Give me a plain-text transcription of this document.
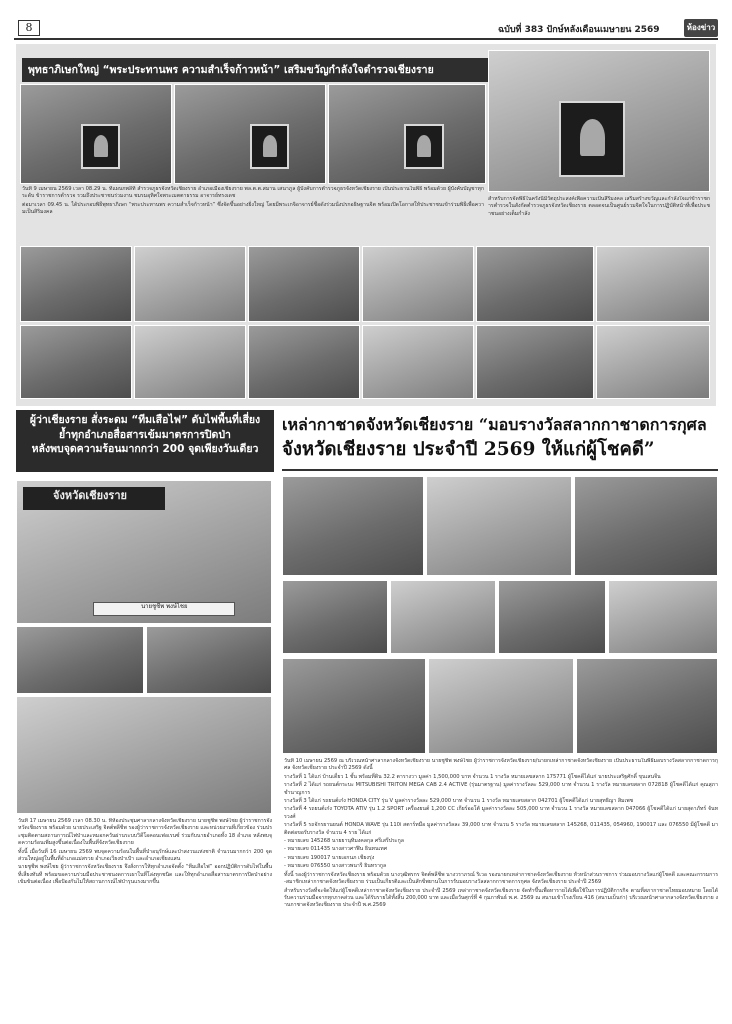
8	ฉบับที่ 383 ปักษ์หลังเดือนเมษายน 2569	ห้องข่าว
พุทธาภิเษกใหญ่ “พระประทานพร ความสำเร็จก้าวหน้า” เสริมขวัญกำลังใจตำรวจเชียงราย

วันที่ 9 เมษายน 2569 เวลา 08.29 น. ที่แผนกพลีที่ สำรวจภูธรจังหวัดเชียงราย อำเภอเมืองเชียงราย พล.ต.ต.สมาน เสนาภูล ผู้บังคับการตำรวจภูธรจังหวัดเชียงราย เป็นประธานในพิธี พร้อมด้วย ผู้บังคับบัญชาทุกระดับ ข้าราชการตำรวจ รวมถึงประชาชนร่วมงาน ชมรมอุทิศใจพระเมตตาธรรม อาจารย์ทรงเดช

ต่อมาเวลา 09.45 น. ได้ประกอบพิธีพุทธาภิเษก “พระประทานพร ความสำเร็จก้าวหน้า” ซึ่งจัดขึ้นอย่างยิ่งใหญ่ โดยมีพระเกจิอาจารย์ชื่อดังร่วมนั่งปรกอธิษฐานจิต พร้อมเปิดโอกาสให้ประชาชนเข้าร่วมพิธีเพื่อความเป็นสิริมงคล

สำหรับการจัดพิธีในครั้งนี้มีวัตถุประสงค์เพื่อความเป็นสิริมงคล เสริมสร้างขวัญและกำลังใจแก่ข้าราชการตำรวจในสังกัดตำรวจภูธรจังหวัดเชียงราย ตลอดจนเป็นศูนย์รวมจิตใจในการปฏิบัติหน้าที่เพื่อประชาชนอย่างเต็มกำลัง

ผู้ว่าเชียงราย สั่งระดม “ทีมเสือไฟ” ดับไฟพื้นที่เสี่ยง
ย้ำทุกอำเภอสื่อสารเข้มมาตรการปิดป่า
หลังพบจุดความร้อนมากกว่า 200 จุดเพียงวันเดียว
จังหวัดเชียงราย
นายชูชีพ พงษ์ไชย

วันที่ 17 เมษายน 2569 เวลา 08.30 น. ที่ห้องประชุมศาลากลางจังหวัดเชียงราย นายชูชีพ พงษ์ไชย ผู้ว่าราชการจังหวัดเชียงราย พร้อมด้วย นายประเสริฐ จิตต์พลีชีพ รองผู้ว่าราชการจังหวัดเชียงราย และหน่วยงานที่เกี่ยวข้อง ร่วมประชุมติดตามสถานการณ์ไฟป่าและหมอกควันผ่านระบบวิดีโอคอนเฟอเรนซ์ ร่วมกับนายอำเภอทั้ง 18 อำเภอ หลังพบจุดความร้อนเพิ่มสูงขึ้นต่อเนื่องในพื้นที่จังหวัดเชียงราย

ทั้งนี้ เมื่อวันที่ 16 เมษายน 2569 พบจุดความร้อนในพื้นที่ป่าอนุรักษ์และป่าสงวนแห่งชาติ จำนวนมากกว่า 200 จุด ส่วนใหญ่อยู่ในพื้นที่อำเภอแม่สรวย อำเภอเวียงป่าเป้า และอำเภอเชียงแสน

นายชูชีพ พงษ์ไชย ผู้ว่าราชการจังหวัดเชียงราย จึงสั่งการให้ทุกอำเภอจัดตั้ง “ทีมเสือไฟ” ออกปฏิบัติการดับไฟในพื้นที่เสี่ยงทันที พร้อมขอความร่วมมือประชาชนงดการเผาในที่โล่งทุกชนิด และให้ทุกอำเภอสื่อสารมาตรการปิดป่าอย่างเข้มข้นต่อเนื่อง เพื่อป้องกันไม่ให้สถานการณ์ไฟป่ารุนแรงมากขึ้น

เหล่ากาชาดจังหวัดเชียงราย “มอบรางวัลสลากกาชาดการกุศล
จังหวัดเชียงราย ประจำปี 2569 ให้แก่ผู้โชคดี”

วันที่ 10 เมษายน 2569 ณ บริเวณหน้าศาลากลางจังหวัดเชียงราย นายชูชีพ พงษ์ไชย ผู้ว่าราชการจังหวัดเชียงราย/นายกเหล่ากาชาดจังหวัดเชียงราย เป็นประธานในพิธีมอบรางวัลสลากกาชาดการกุศล จังหวัดเชียงราย ประจำปี 2569 ดังนี้

รางวัลที่ 1 ได้แก่ บ้านเดี่ยว 1 ชั้น พร้อมที่ดิน 32.2 ตารางวา มูลค่า 1,500,000 บาท จำนวน 1 รางวัล หมายเลขสลาก 175771 ผู้โชคดีได้แก่ นายประเสริฐศักดิ์ ขุนเสนจีน

รางวัลที่ 2 ได้แก่ รถยนต์กระบะ MITSUBISHI TRITON MEGA CAB 2.4 ACTIVE (รุ่นมาตรฐาน) มูลค่ารางวัลละ 529,000 บาท จำนวน 1 รางวัล หมายเลขสลาก 072818 ผู้โชคดีได้แก่ คุณสุภา ชำนาญการ

รางวัลที่ 3 ได้แก่ รถยนต์เก๋ง HONDA CITY รุ่น V มูลค่ารางวัลละ 529,000 บาท จำนวน 1 รางวัล หมายเลขสลาก 042701 ผู้โชคดีได้แก่ นายสุทธิญา สิมเพช

รางวัลที่ 4 รถยนต์เก๋ง TOYOTA ATIV รุ่น 1.2 SPORT เครื่องยนต์ 1,200 CC เกียร์ออโต้ มูลค่ารางวัลละ 505,000 บาท จำนวน 1 รางวัล หมายเลขสลาก 047066 ผู้โชคดีได้แก่ นายสุดาภัทร์ จันทรวงศ์

รางวัลที่ 5 รถจักรยานยนต์ HONDA WAVE รุ่น 110i สตาร์ทมือ มูลค่ารางวัลละ 39,000 บาท จำนวน 5 รางวัล หมายเลขสลาก 145268, 011435, 054960, 190017 และ 076550 มีผู้โชคดี มาติดต่อขอรับรางวัล จำนวน 4 ราย ได้แก่

- หมายเลข 145268 นายยานุทิมงคลกุล ศรีเสรีประกูล

- หมายเลข 011435 นางสาวศาฬิน ธินทนเทศ

- หมายเลข 190017 นายเอกนภ เชียงรุ่ง

- หมายเลข 076550 นางสาวพนารี ยินทรากูล

ทั้งนี้ รองผู้ว่าราชการจังหวัดเชียงราย พร้อมด้วย นางวุฒิพรกร จิตต์พลีชีพ นางวราภรณ์ ริเวอ รองนายกเหล่ากาชาดจังหวัดเชียงราย หัวหน้าส่วนราชการ ร่วมมอบรางวัลแก่ผู้โชคดี และคณะกรรมการ-สมาชิกเหล่ากาชาดจังหวัดเชียงราย ร่วมเป็นเกียรติและเป็นสักขีพยานในการรับมอบรางวัลสลากกาชาดการกุศล จังหวัดเชียงราย ประจำปี 2569

สำหรับรางวัลที่จะจัดให้แก่ผู้โชคดีเหล่ากาชาดจังหวัดเชียงราย ประจำปี 2569 เหล่ากาชาดจังหวัดเชียงราย จัดทำขึ้นเพื่อหารายได้เพื่อใช้ในการปฏิบัติการกิจ ตามที่สภากาชาดไทยมอบหมาย โดยได้รับความร่วมมือจากทุกภาคส่วน และได้รับรายได้ทั้งสิ้น 200,000 บาท และเมื่อวันศุกร์ที่ 4 กุมภาพันธ์ พ.ศ. 2569 ณ สนามเข้าโรงเรียน 416 (สนามเบ็นก่า) บริเวณหน้าศาลากลางจังหวัดเชียงราย งานกาชาดจังหวัดเชียงราย ประจำปี พ.ศ.2569
